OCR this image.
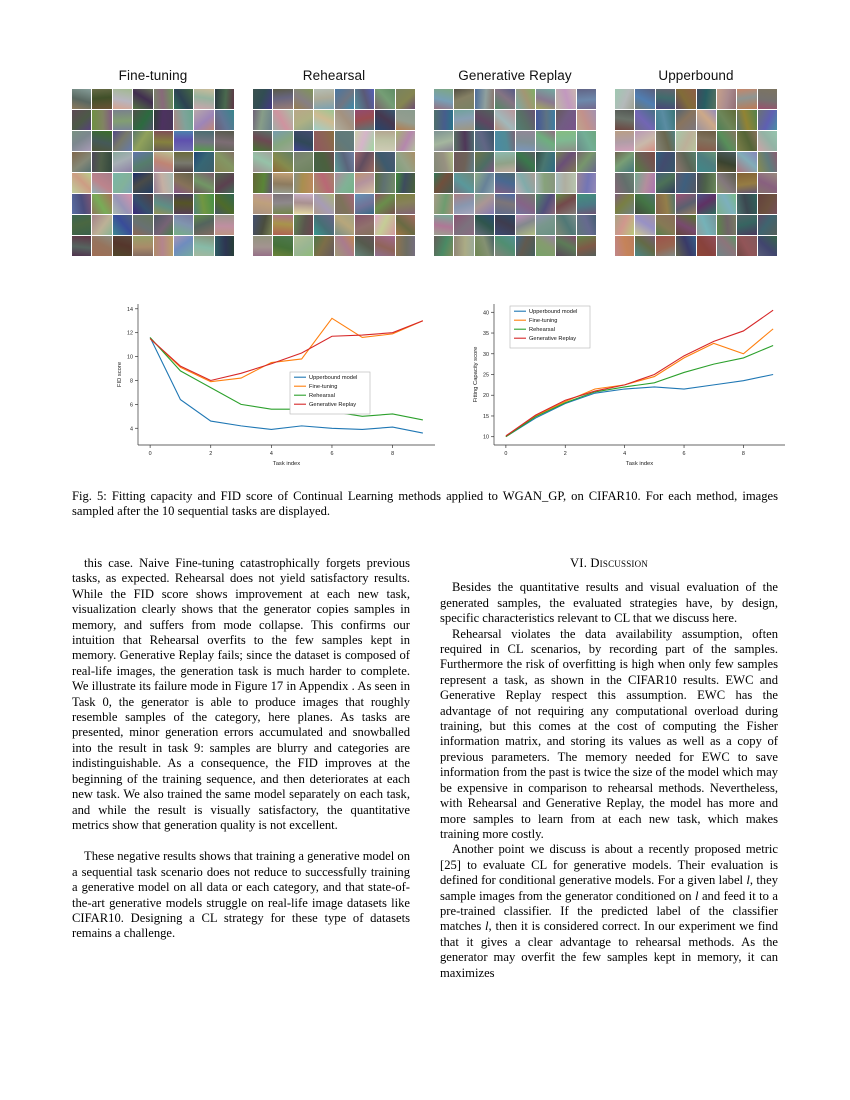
Fine-tuning	Rehearsal	Generative Replay	Upperbound
0	2	4	6	8
4
6
8
10
12
14
Task index
FID score	Upperbound model
Fine-tuning
Rehearsal
Generative Replay
0	2	4	6	8
10
15
20
25
30
35
40
Task index
Fitting Capacity score
Upperbound model
Fine-tuning
Rehearsal
Generative Replay
Fig. 5: Fitting capacity and FID score of Continual Learning methods applied to WGAN_GP, on CIFAR10. For each method, images sampled after the 10 sequential tasks are displayed.

this case. Naive Fine-tuning catastrophically forgets previous tasks, as expected. Rehearsal does not yield satisfactory results. While the FID score shows improvement at each new task, visualization clearly shows that the generator copies samples in memory, and suffers from mode collapse. This confirms our intuition that Rehearsal overfits to the few samples kept in memory. Generative Replay fails; since the dataset is composed of real-life images, the generation task is much harder to complete. We illustrate its failure mode in Figure 17 in Appendix . As seen in Task 0, the generator is able to produce images that roughly resemble samples of the category, here planes. As tasks are presented, minor generation errors accumulated and snowballed into the result in task 9: samples are blurry and categories are indistinguishable. As a consequence, the FID improves at the beginning of the training sequence, and then deteriorates at each new task. We also trained the same model separately on each task, and while the result is visually satisfactory, the quantitative metrics show that generation quality is not excellent.

These negative results shows that training a generative model on a sequential task scenario does not reduce to successfully training a generative model on all data or each category, and that state-of-the-art generative models struggle on real-life image datasets like CIFAR10. Designing a CL strategy for these type of datasets remains a challenge.

VI. Discussion

Besides the quantitative results and visual evaluation of the generated samples, the evaluated strategies have, by design, specific characteristics relevant to CL that we discuss here.

Rehearsal violates the data availability assumption, often required in CL scenarios, by recording part of the samples. Furthermore the risk of overfitting is high when only few samples represent a task, as shown in the CIFAR10 results. EWC and Generative Replay respect this assumption. EWC has the advantage of not requiring any computational overload during training, but this comes at the cost of computing the Fisher information matrix, and storing its values as well as a copy of previous parameters. The memory needed for EWC to save information from the past is twice the size of the model which may be expensive in comparison to rehearsal methods. Nevertheless, with Rehearsal and Generative Replay, the model has more and more samples to learn from at each new task, which makes training more costly.

Another point we discuss is about a recently proposed metric [25] to evaluate CL for generative models. Their evaluation is defined for conditional generative models. For a given label l, they sample images from the generator conditioned on l and feed it to a pre-trained classifier. If the predicted label of the classifier matches l, then it is considered correct. In our experiment we find that it gives a clear advantage to rehearsal methods. As the generator may overfit the few samples kept in memory, it can maximizes
